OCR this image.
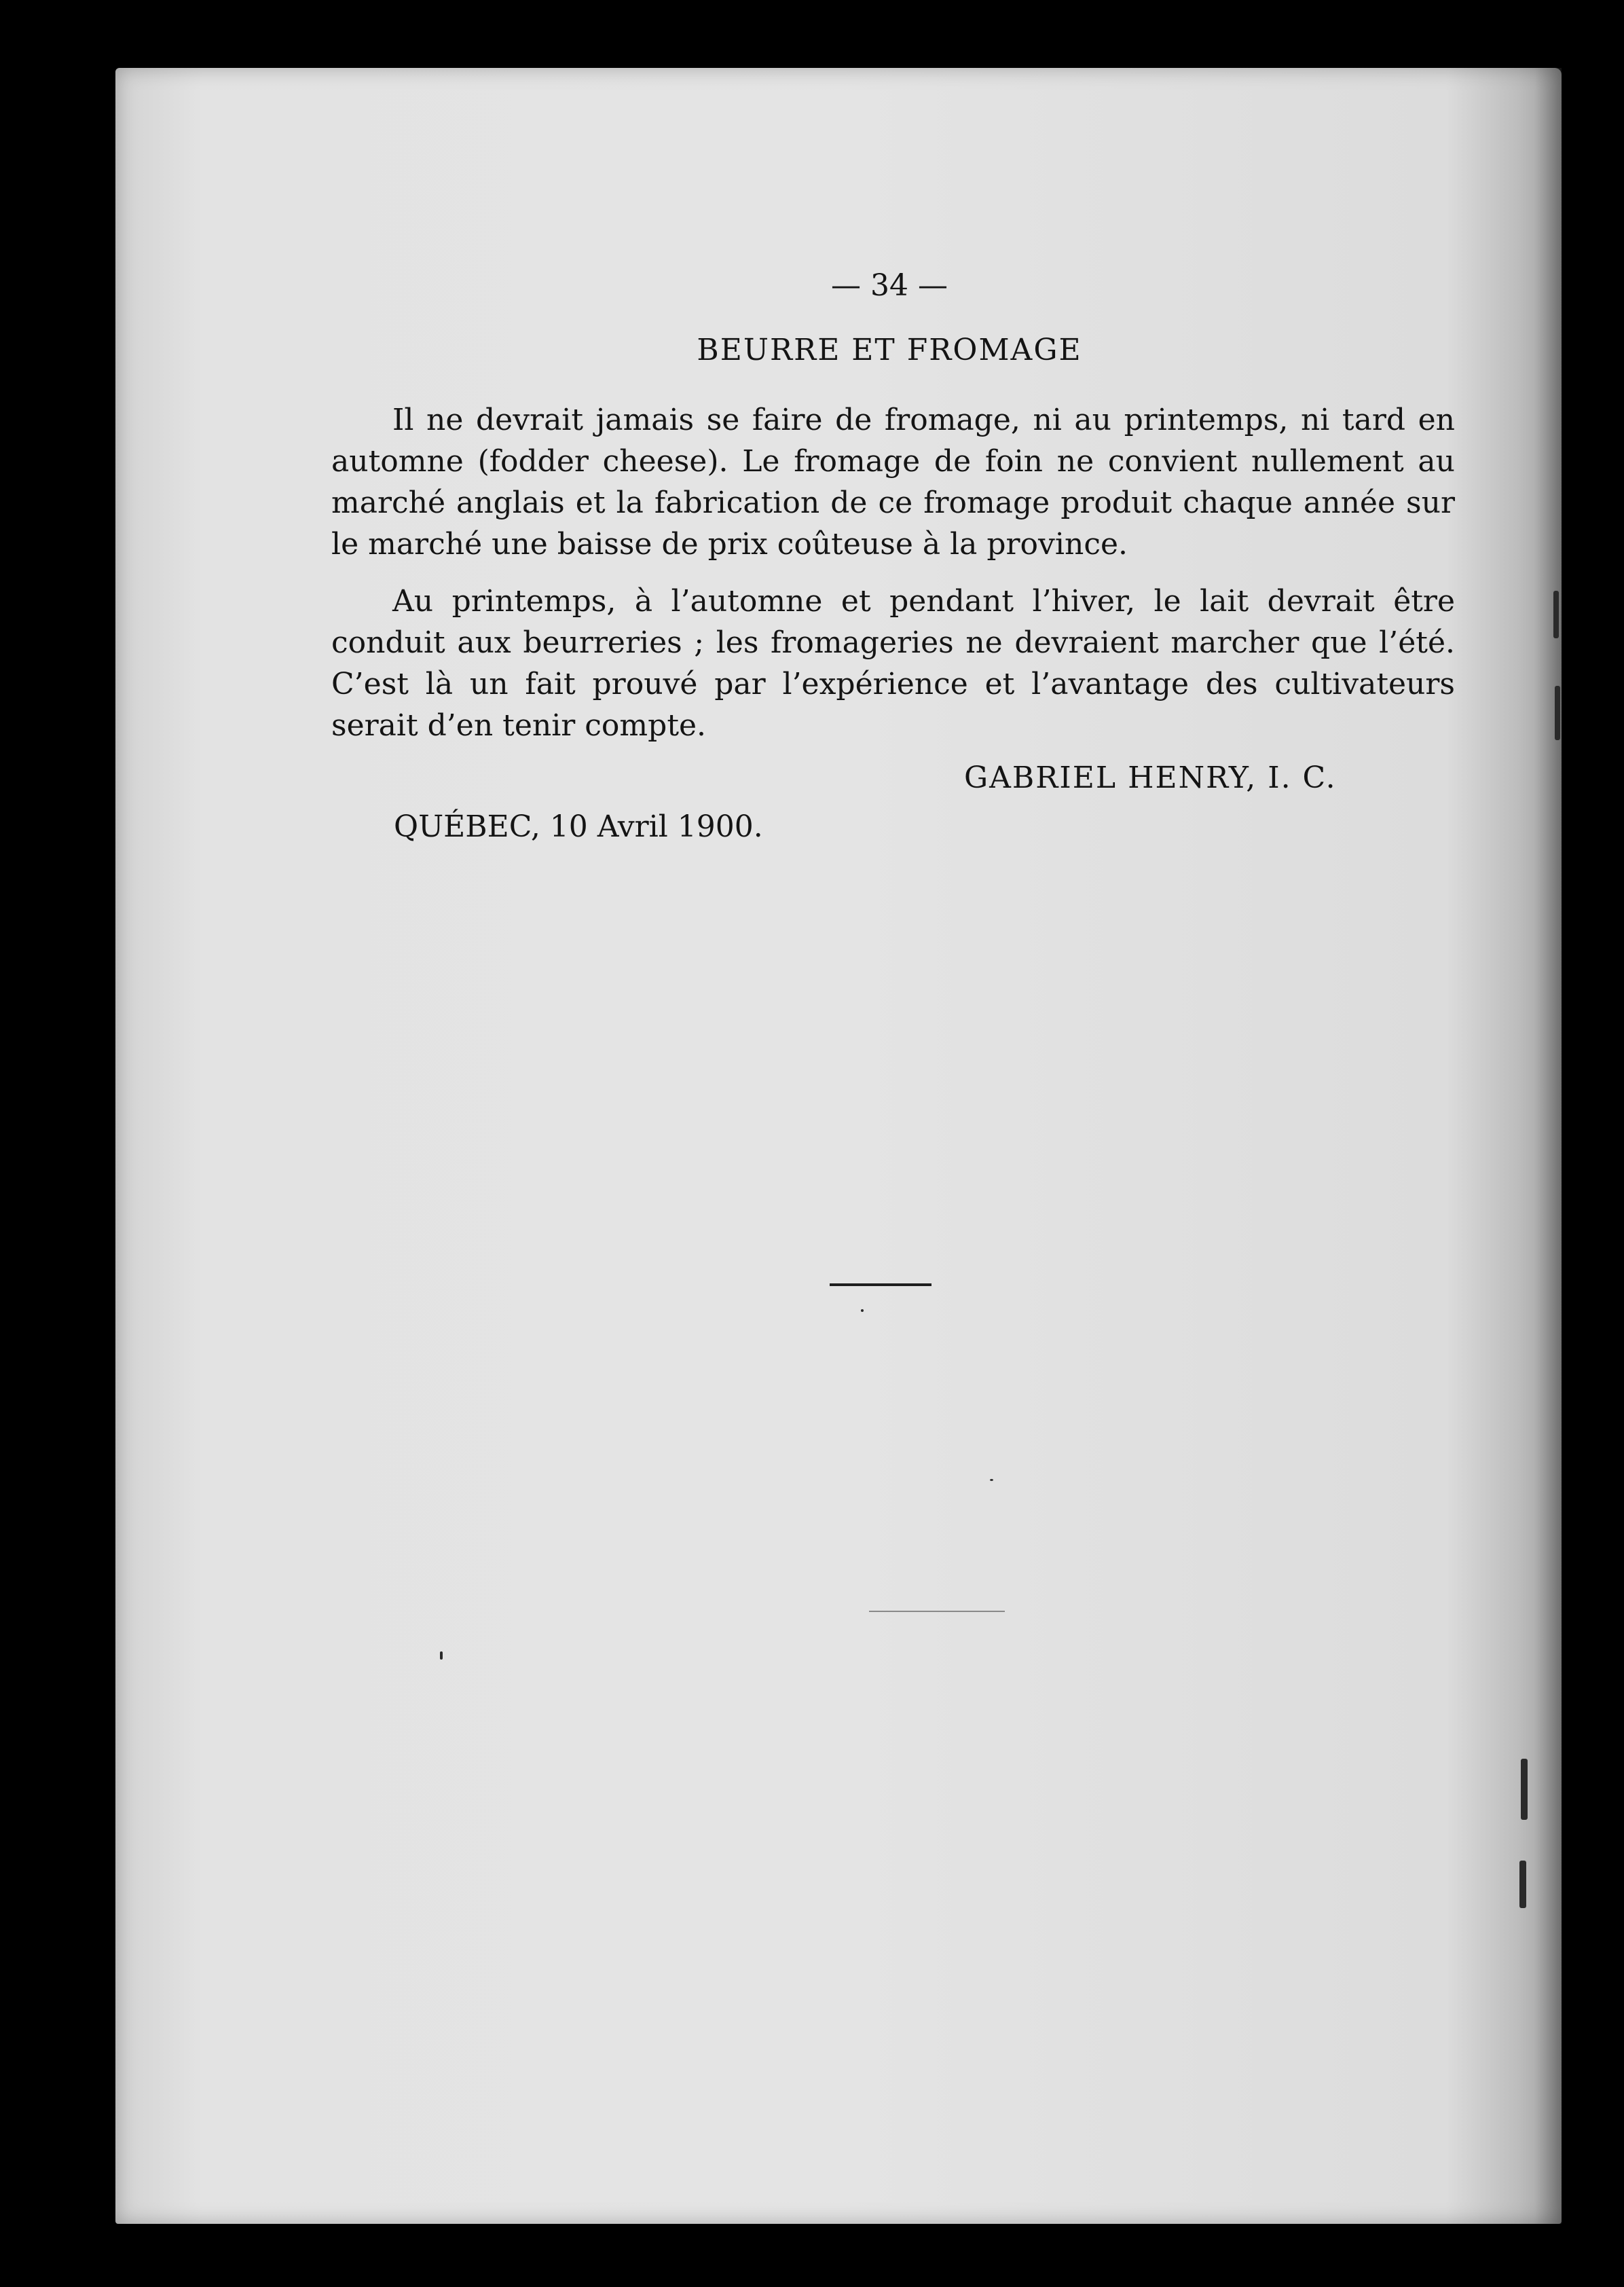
— 34 —

BEURRE ET FROMAGE

Il ne devrait jamais se faire de fromage, ni au printemps, ni tard en automne (fodder cheese). Le fromage de foin ne convient nullement au marché anglais et la fabrication de ce fromage produit chaque année sur le marché une baisse de prix coûteuse à la province.

Au printemps, à l’automne et pendant l’hiver, le lait devrait être conduit aux beurreries ; les fromageries ne devraient marcher que l’été. C’est là un fait prouvé par l’expérience et l’avantage des cultivateurs serait d’en tenir compte.

GABRIEL HENRY, I. C.

QUÉBEC, 10 Avril 1900.
